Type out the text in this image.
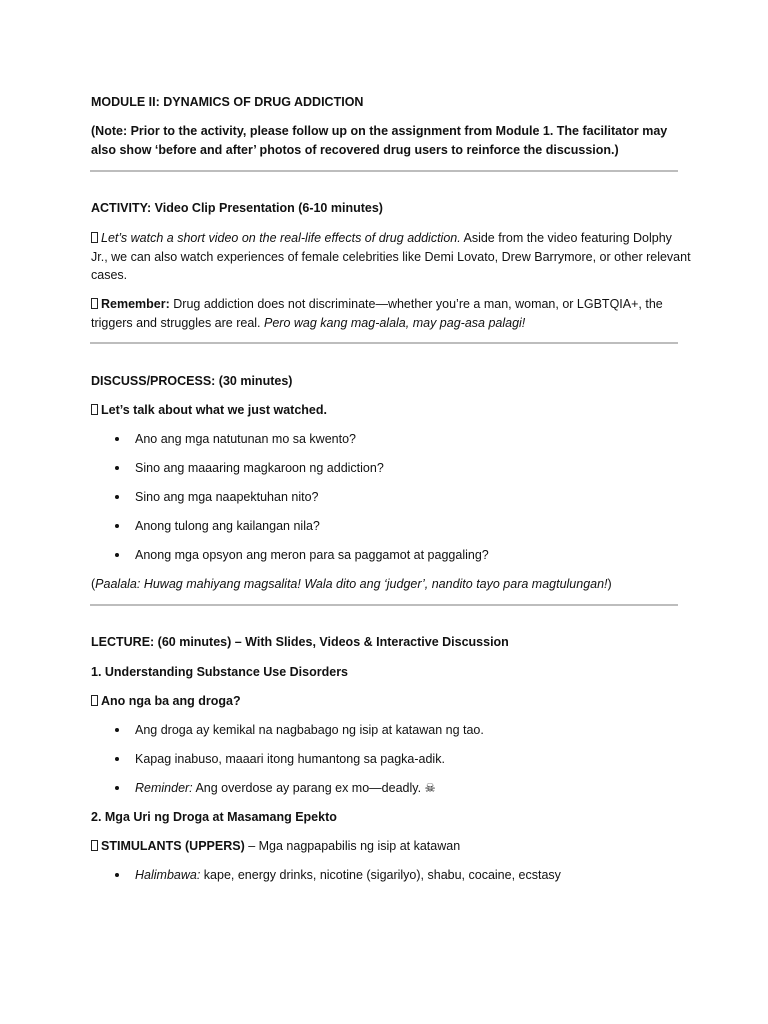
MODULE II: DYNAMICS OF DRUG ADDICTION
(Note: Prior to the activity, please follow up on the assignment from Module 1. The facilitator may also show ‘before and after’ photos of recovered drug users to reinforce the discussion.)
ACTIVITY: Video Clip Presentation (6-10 minutes)
Let’s watch a short video on the real-life effects of drug addiction. Aside from the video featuring Dolphy Jr., we can also watch experiences of female celebrities like Demi Lovato, Drew Barrymore, or other relevant cases.
Remember: Drug addiction does not discriminate—whether you’re a man, woman, or LGBTQIA+, the triggers and struggles are real. Pero wag kang mag-alala, may pag-asa palagi!
DISCUSS/PROCESS: (30 minutes)
Let’s talk about what we just watched.
Ano ang mga natutunan mo sa kwento?
Sino ang maaaring magkaroon ng addiction?
Sino ang mga naapektuhan nito?
Anong tulong ang kailangan nila?
Anong mga opsyon ang meron para sa paggamot at paggaling?
(Paalala: Huwag mahiyang magsalita! Wala dito ang ‘judger’, nandito tayo para magtulungan!)
LECTURE: (60 minutes) – With Slides, Videos & Interactive Discussion
1. Understanding Substance Use Disorders
Ano nga ba ang droga?
Ang droga ay kemikal na nagbabago ng isip at katawan ng tao.
Kapag inabuso, maaari itong humantong sa pagka-adik.
Reminder: Ang overdose ay parang ex mo—deadly. ☠
2. Mga Uri ng Droga at Masamang Epekto
STIMULANTS (UPPERS) – Mga nagpapabilis ng isip at katawan
Halimbawa: kape, energy drinks, nicotine (sigarilyo), shabu, cocaine, ecstasy
